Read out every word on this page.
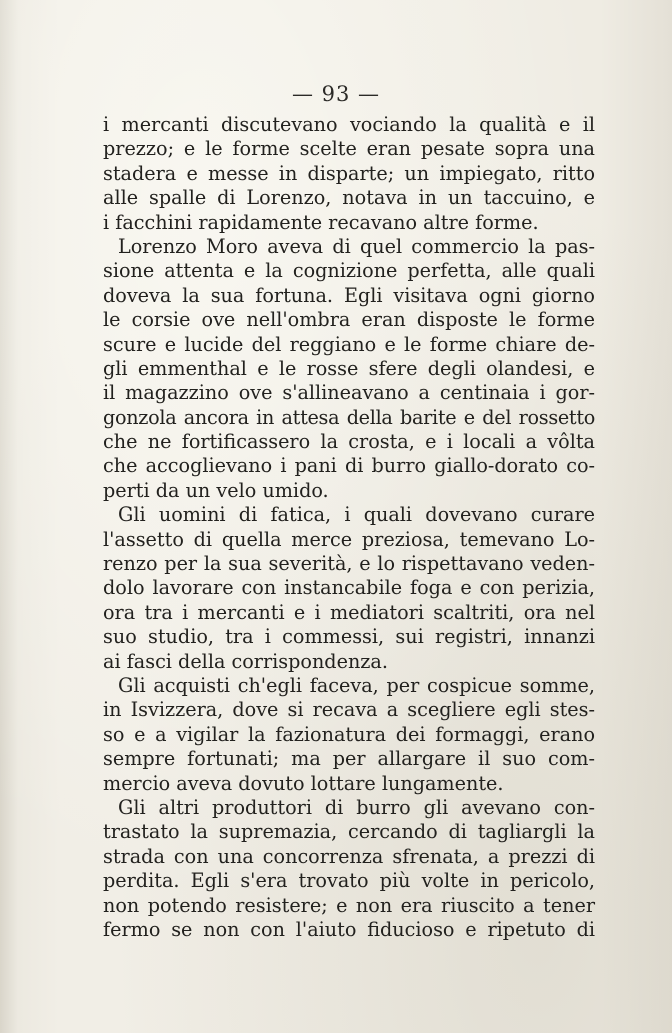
— 93 —
i mercanti discutevano vociando la qualità e il
prezzo; e le forme scelte eran pesate sopra una
stadera e messe in disparte; un impiegato, ritto
alle spalle di Lorenzo, notava in un taccuino, e
i facchini rapidamente recavano altre forme.
Lorenzo Moro aveva di quel commercio la pas-
sione attenta e la cognizione perfetta, alle quali
doveva la sua fortuna. Egli visitava ogni giorno
le corsie ove nell'ombra eran disposte le forme
scure e lucide del reggiano e le forme chiare de-
gli emmenthal e le rosse sfere degli olandesi, e
il magazzino ove s'allineavano a centinaia i gor-
gonzola ancora in attesa della barite e del rossetto
che ne fortificassero la crosta, e i locali a vôlta
che accoglievano i pani di burro giallo-dorato co-
perti da un velo umido.
Gli uomini di fatica, i quali dovevano curare
l'assetto di quella merce preziosa, temevano Lo-
renzo per la sua severità, e lo rispettavano veden-
dolo lavorare con instancabile foga e con perizia,
ora tra i mercanti e i mediatori scaltriti, ora nel
suo studio, tra i commessi, sui registri, innanzi
ai fasci della corrispondenza.
Gli acquisti ch'egli faceva, per cospicue somme,
in Isvizzera, dove si recava a scegliere egli stes-
so e a vigilar la fazionatura dei formaggi, erano
sempre fortunati; ma per allargare il suo com-
mercio aveva dovuto lottare lungamente.
Gli altri produttori di burro gli avevano con-
trastato la supremazia, cercando di tagliargli la
strada con una concorrenza sfrenata, a prezzi di
perdita. Egli s'era trovato più volte in pericolo,
non potendo resistere; e non era riuscito a tener
fermo se non con l'aiuto fiducioso e ripetuto di
